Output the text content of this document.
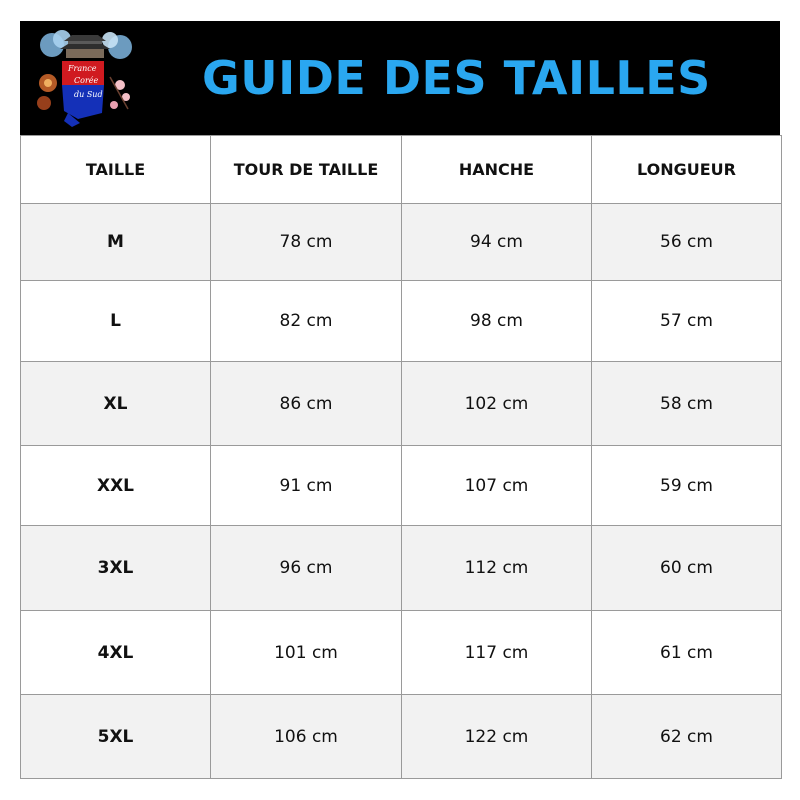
France
Corée
du Sud GUIDE DES TAILLES
TAILLE	TOUR DE TAILLE	HANCHE	LONGUEUR
M	78 cm	94 cm	56 cm
L	82 cm	98 cm	57 cm
XL	86 cm	102 cm	58 cm
XXL	91 cm	107 cm	59 cm
3XL	96 cm	112 cm	60 cm
4XL	101 cm	117 cm	61 cm
5XL	106 cm	122 cm	62 cm
